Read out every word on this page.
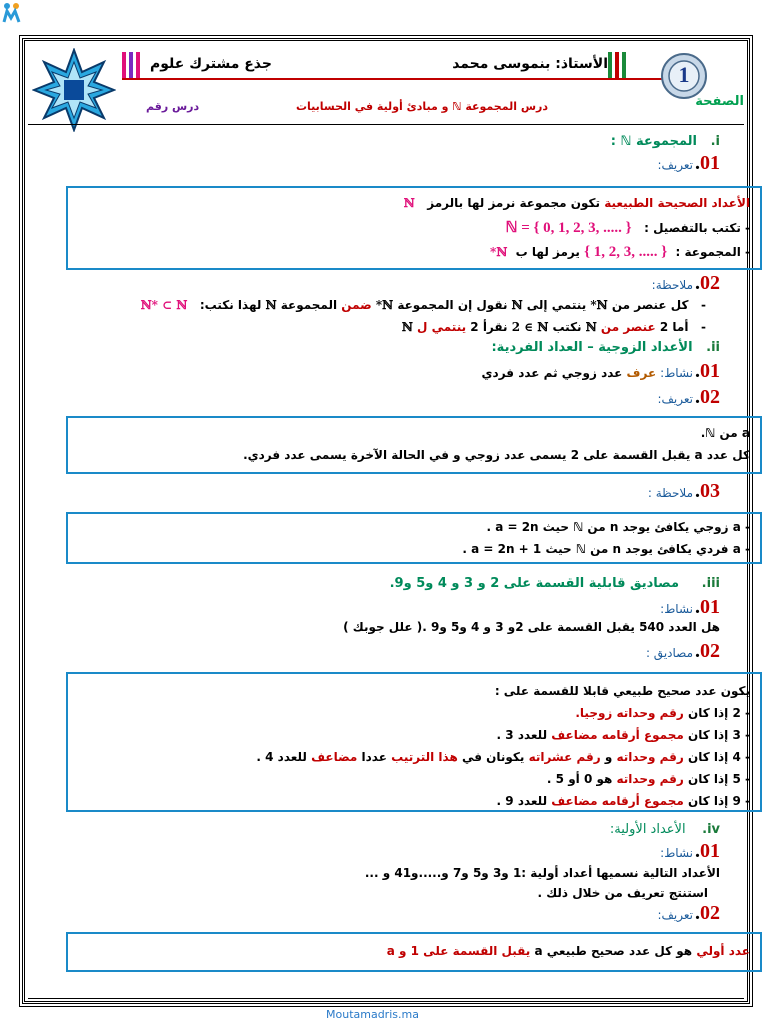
جذع مشترك علوم	الأستاذ: بنموسى محمد
درس المجموعة ℕ و مبادئ أولية في الحسابيات
درس رقم
1
الصفحة
i.   المجموعة ℕ :
01
.
تعريف:
الأعداد الصحيحة الطبيعية تكون مجموعة نرمز لها بالرمز   ℕ
- تكتب بالتفصيل :   ℕ = { 0, 1, 2, 3, ..... }
- المجموعة :  { 1, 2, 3, ..... } يرمز لها ب  ℕ*
02
.
ملاحظة:
-   كل عنصر من ℕ* ينتمي إلى ℕ نقول إن المجموعة ℕ* ضمن المجموعة ℕ لهذا نكتب:   ℕ* ⊂ ℕ
-   أما 2 عنصر من ℕ نكتب 2 ∈ ℕ نقرأ 2 ينتمي ل ℕ
ii.   الأعداد الزوجية – العداد الفردية:
01
.
نشاط:
عرف عدد زوجي ثم عدد فردي
02
.
تعريف:
a من ℕ.
كل عدد a يقبل القسمة على 2 يسمى عدد زوجي و في الحالة الآخرة يسمى عدد فردي.
03
.
ملاحظة :
- a زوجي يكافئ يوجد n من ℕ حيث a = 2n .
- a فردي يكافئ يوجد n من ℕ حيث a = 2n + 1 .
iii.     مصاديق قابلية القسمة على 2 و 3 و 4 و5 و9.
01
.
نشاط:
هل العدد 540 يقبل القسمة على 2و 3 و 4 و5 و9 .( علل جوبك )
02
.
مصاديق :
يكون عدد صحيح طبيعي قابلا للقسمة على :
- 2 إذا كان رقم وحداته زوجيا.
- 3 إذا كان مجموع أرقامه مضاعف للعدد 3 .
- 4 إذا كان رقم وحداته و رقم عشراته يكونان في هذا الترتيب عددا مضاعف للعدد 4 .
- 5 إذا كان رقم وحداته هو 0 أو 5 .
- 9 إذا كان مجموع أرقامه مضاعف للعدد 9 .
iv.    الأعداد الأولية:
01
.
نشاط:
الأعداد التالية نسميها أعداد أولية :1 و3 و5 و7 و.....و41 و ...
استنتج تعريف من خلال ذلك .
02
.
تعريف:
عدد أولي هو كل عدد صحيح طبيعي a يقبل القسمة على 1 و a
Moutamadris.ma
